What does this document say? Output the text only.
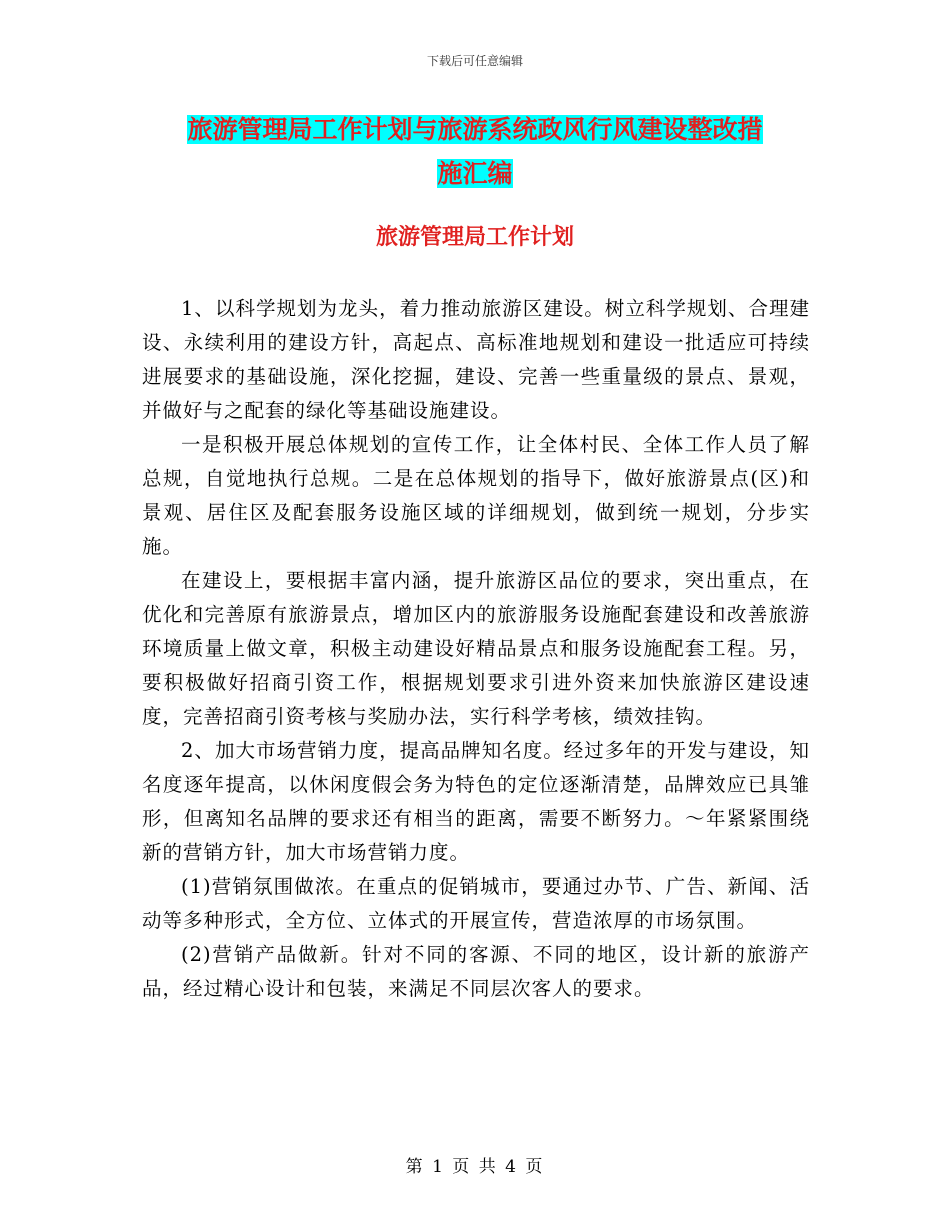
下载后可任意编辑
旅游管理局工作计划与旅游系统政风行风建设整改措
施汇编
旅游管理局工作计划

1、以科学规划为龙头，着力推动旅游区建设。树立科学规划、合理建设、永续利用的建设方针，高起点、高标准地规划和建设一批适应可持续进展要求的基础设施，深化挖掘，建设、完善一些重量级的景点、景观，并做好与之配套的绿化等基础设施建设。

一是积极开展总体规划的宣传工作，让全体村民、全体工作人员了解总规，自觉地执行总规。二是在总体规划的指导下，做好旅游景点(区)和景观、居住区及配套服务设施区域的详细规划，做到统一规划，分步实施。

在建设上，要根据丰富内涵，提升旅游区品位的要求，突出重点，在优化和完善原有旅游景点，增加区内的旅游服务设施配套建设和改善旅游环境质量上做文章，积极主动建设好精品景点和服务设施配套工程。另，要积极做好招商引资工作，根据规划要求引进外资来加快旅游区建设速度，完善招商引资考核与奖励办法，实行科学考核，绩效挂钩。

2、加大市场营销力度，提高品牌知名度。经过多年的开发与建设，知名度逐年提高，以休闲度假会务为特色的定位逐渐清楚，品牌效应已具雏形，但离知名品牌的要求还有相当的距离，需要不断努力。～年紧紧围绕新的营销方针，加大市场营销力度。

(1)营销氛围做浓。在重点的促销城市，要通过办节、广告、新闻、活动等多种形式，全方位、立体式的开展宣传，营造浓厚的市场氛围。

(2)营销产品做新。针对不同的客源、不同的地区，设计新的旅游产品，经过精心设计和包装，来满足不同层次客人的要求。

第 1 页 共 4 页
